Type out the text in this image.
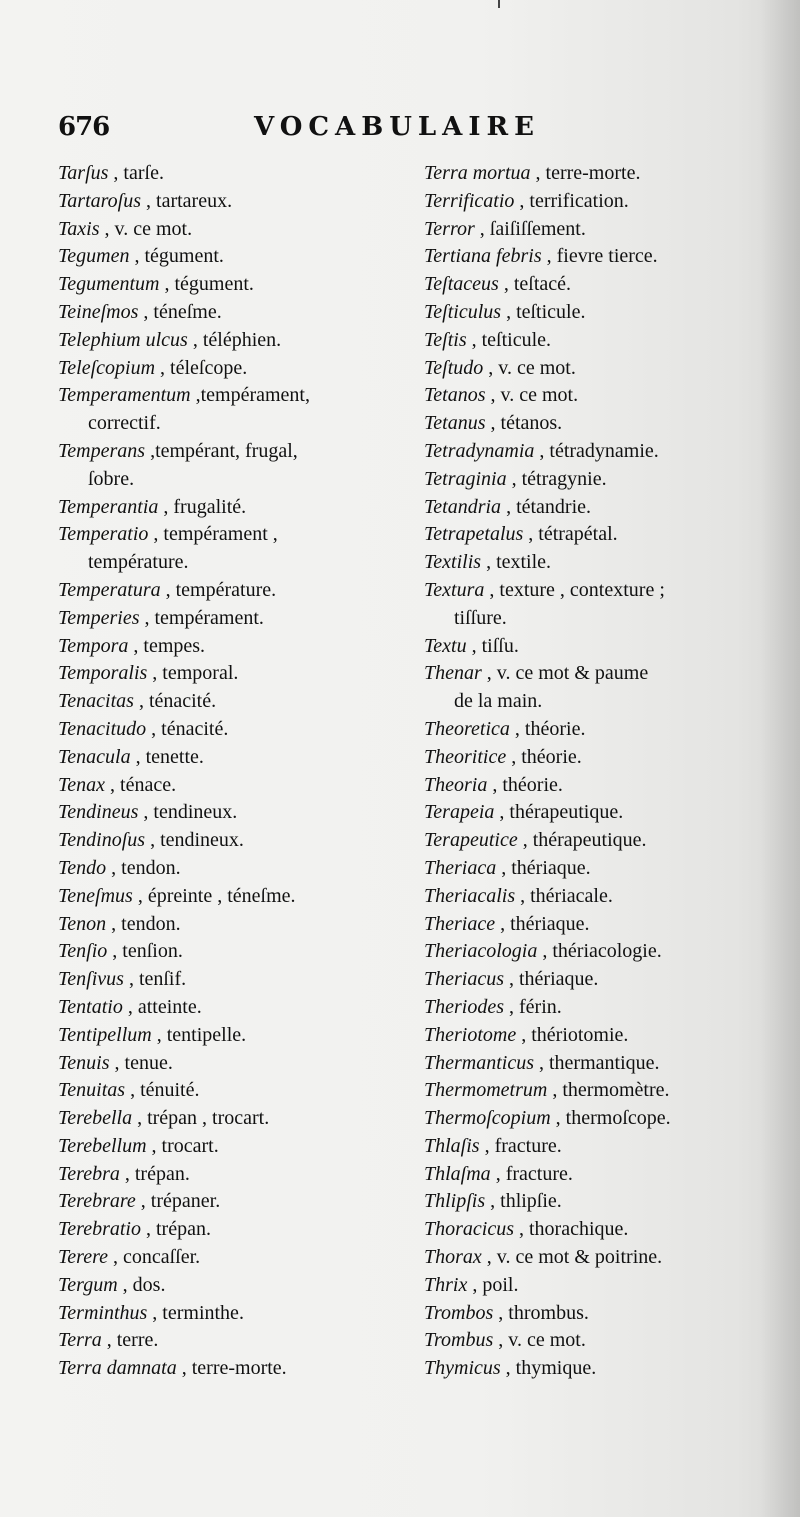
676	VOCABULAIRE
Tarſus , tarſe.
Tartaroſus , tartareux.
Taxis , v. ce mot.
Tegumen , tégument.
Tegumentum , tégument.
Teineſmos , téneſme.
Telephium ulcus , téléphien.
Teleſcopium , téleſcope.
Temperamentum ,tempérament,
correctif.
Temperans ,tempérant, frugal,
ſobre.
Temperantia , frugalité.
Temperatio , tempérament ,
température.
Temperatura , température.
Temperies , tempérament.
Tempora , tempes.
Temporalis , temporal.
Tenacitas , ténacité.
Tenacitudo , ténacité.
Tenacula , tenette.
Tenax , ténace.
Tendineus , tendineux.
Tendinoſus , tendineux.
Tendo , tendon.
Teneſmus , épreinte , téneſme.
Tenon , tendon.
Tenſio , tenſion.
Tenſivus , tenſif.
Tentatio , atteinte.
Tentipellum , tentipelle.
Tenuis , tenue.
Tenuitas , ténuité.
Terebella , trépan , trocart.
Terebellum , trocart.
Terebra , trépan.
Terebrare , trépaner.
Terebratio , trépan.
Terere , concaſſer.
Tergum , dos.
Terminthus , terminthe.
Terra , terre.
Terra damnata , terre-morte.
Terra mortua , terre-morte.
Terrificatio , terrification.
Terror , ſaiſiſſement.
Tertiana febris , fievre tierce.
Teſtaceus , teſtacé.
Teſticulus , teſticule.
Teſtis , teſticule.
Teſtudo , v. ce mot.
Tetanos , v. ce mot.
Tetanus , tétanos.
Tetradynamia , tétradynamie.
Tetraginia , tétragynie.
Tetandria , tétandrie.
Tetrapetalus , tétrapétal.
Textilis , textile.
Textura , texture , contexture ;
tiſſure.
Textu , tiſſu.
Thenar , v. ce mot & paume
de la main.
Theoretica , théorie.
Theoritice , théorie.
Theoria , théorie.
Terapeia , thérapeutique.
Terapeutice , thérapeutique.
Theriaca , thériaque.
Theriacalis , thériacale.
Theriace , thériaque.
Theriacologia , thériacologie.
Theriacus , thériaque.
Theriodes , férin.
Theriotome , thériotomie.
Thermanticus , thermantique.
Thermometrum , thermomètre.
Thermoſcopium , thermoſcope.
Thlaſis , fracture.
Thlaſma , fracture.
Thlipſis , thlipſie.
Thoracicus , thorachique.
Thorax , v. ce mot & poitrine.
Thrix , poil.
Trombos , thrombus.
Trombus , v. ce mot.
Thymicus , thymique.
